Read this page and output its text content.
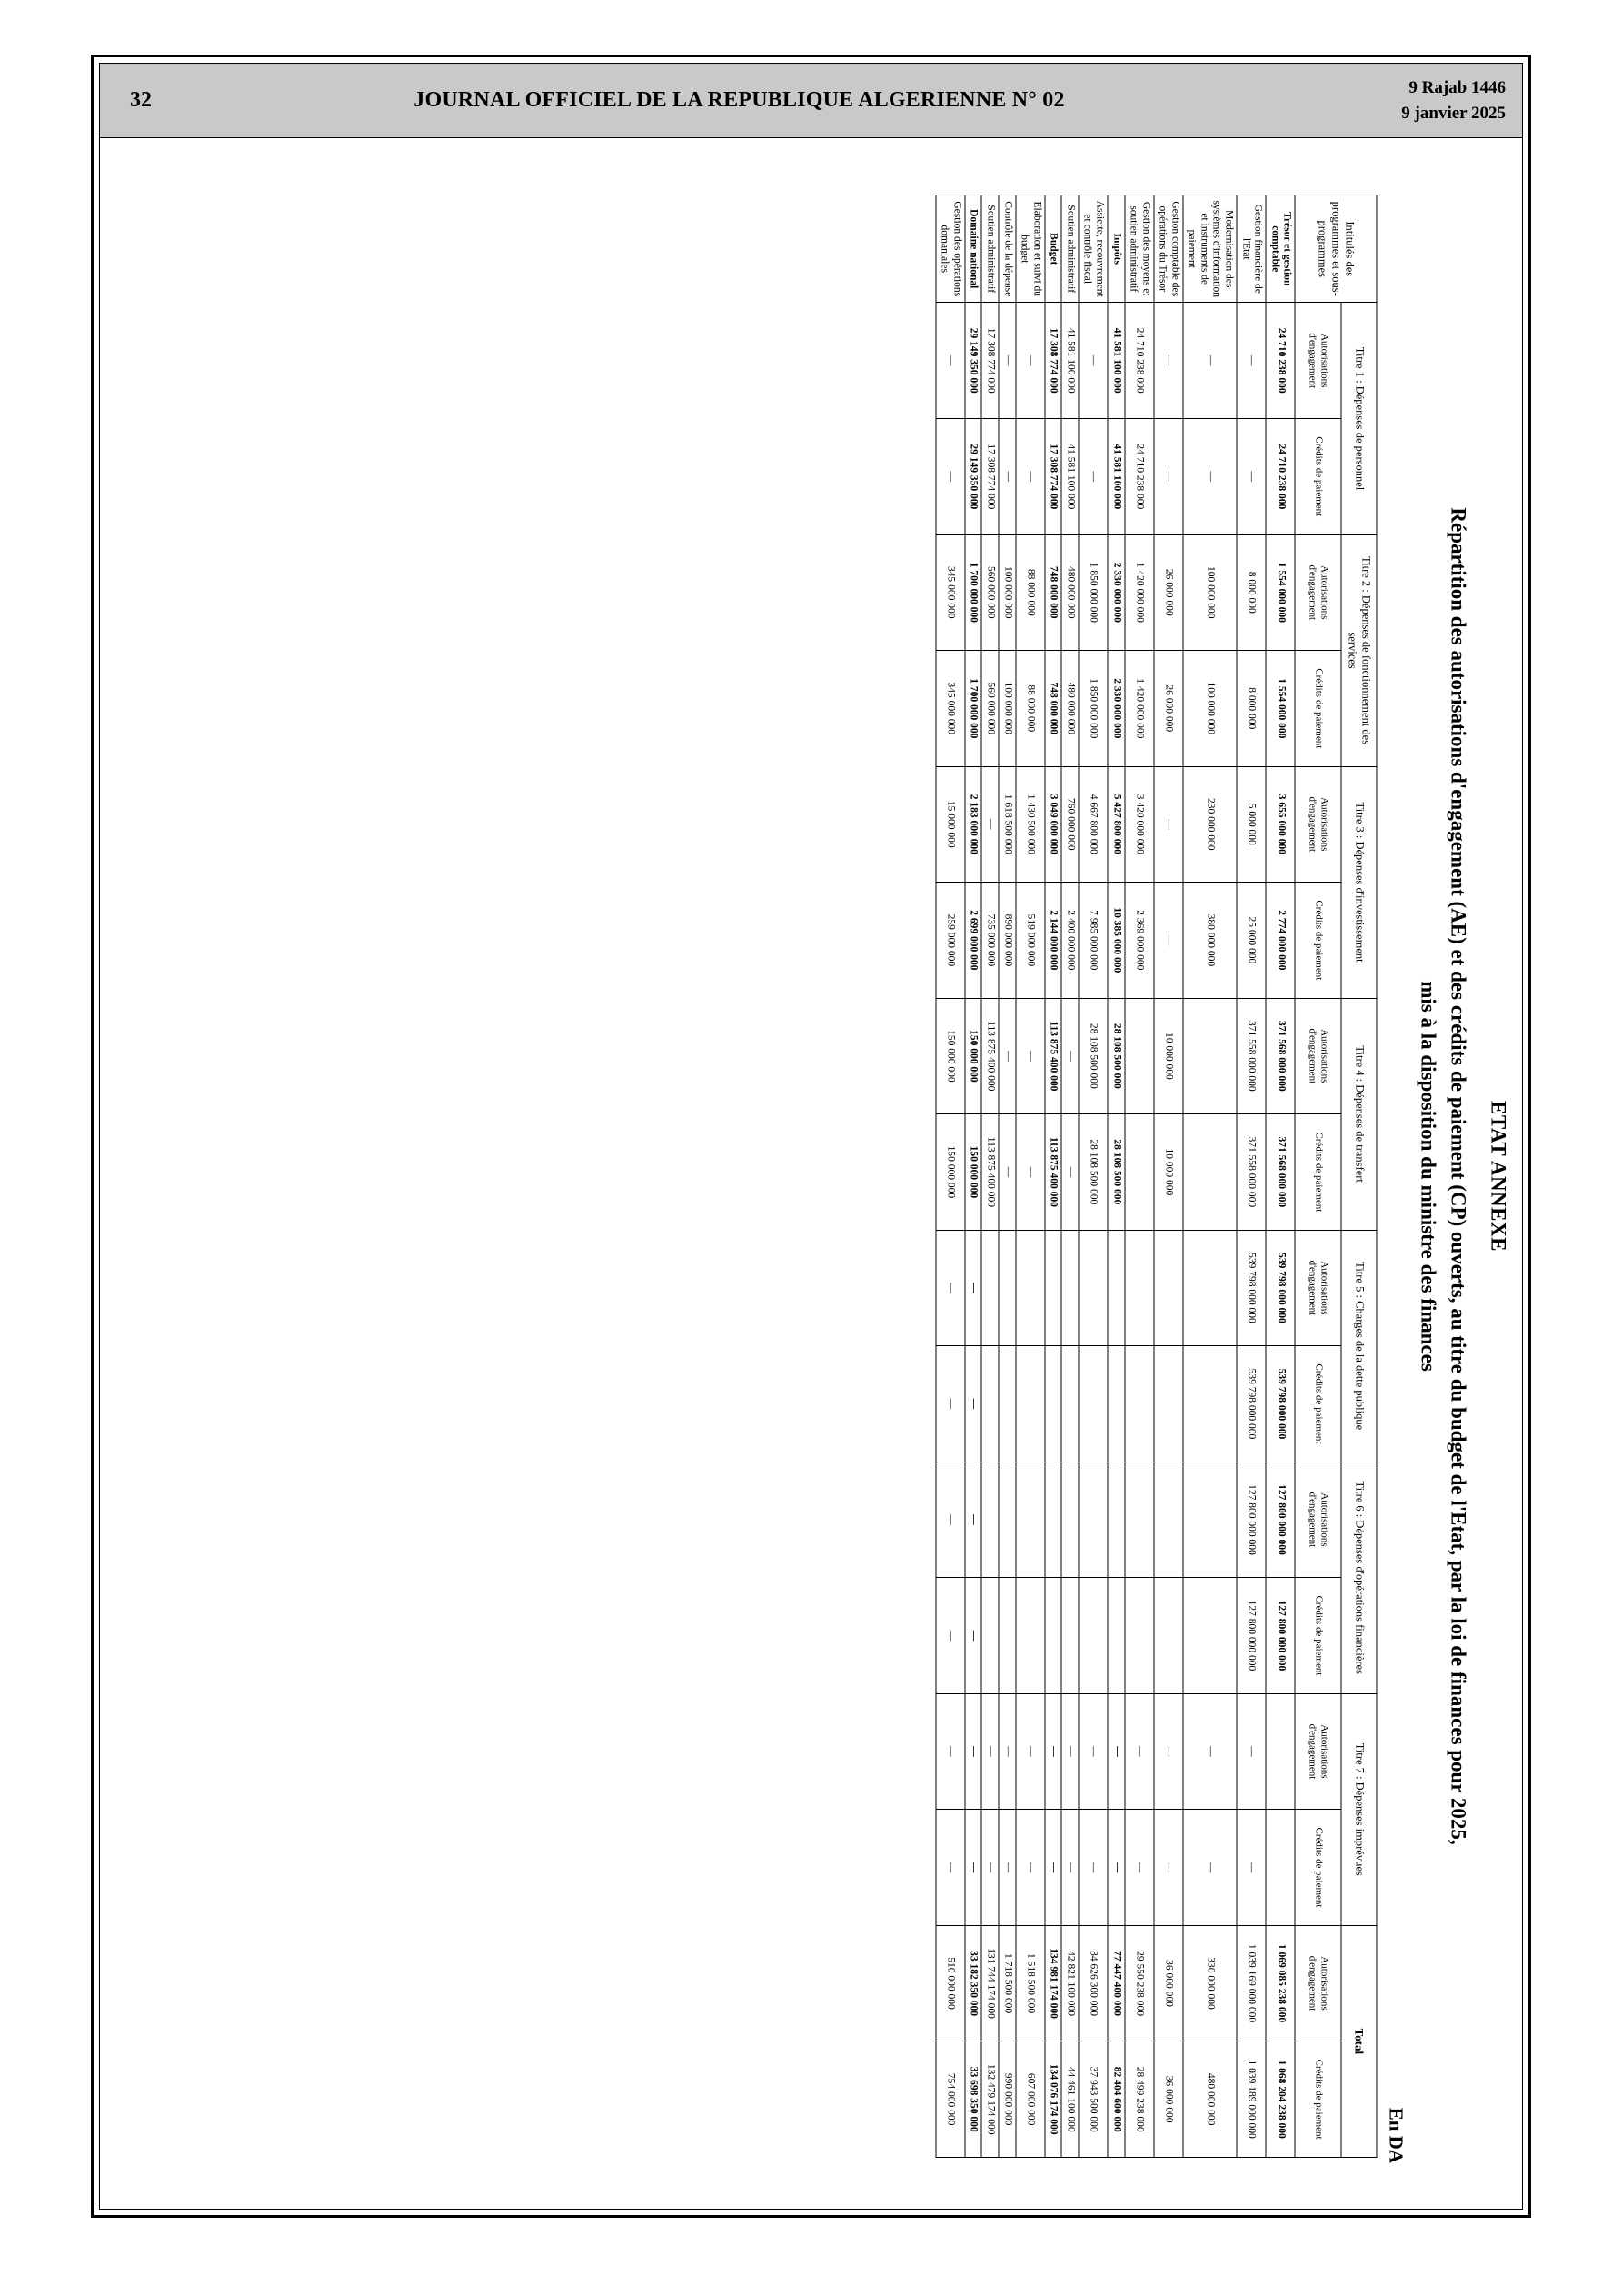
32	JOURNAL OFFICIEL DE LA REPUBLIQUE ALGERIENNE N° 02
9 Rajab 1446
9 janvier 2025
ETAT ANNEXE
Répartition des autorisations d'engagement (AE) et des crédits de paiement (CP) ouverts, au titre du budget de l'Etat, par la loi de finances pour 2025,
mis à la disposition du ministre des finances
En DA
Intitulés des programmes et sous-programmes	Titre 1 : Dépenses de personnel		Titre 2 : Dépenses de fonctionnement des services		Titre 3 : Dépenses d'investissement		Titre 4 : Dépenses de transfert		Titre 5 : Charges de la dette publique		Titre 6 : Dépenses d'opérations financières		Titre 7 : Dépenses imprévues		Total	
	Autorisations d'engagement	Crédits de paiement	Autorisations d'engagement	Crédits de paiement	Autorisations d'engagement	Crédits de paiement	Autorisations d'engagement	Crédits de paiement	Autorisations d'engagement	Crédits de paiement	Autorisations d'engagement	Crédits de paiement	Autorisations d'engagement	Crédits de paiement	Autorisations d'engagement	Crédits de paiement
Trésor et gestion comptable	24 710 238 000	24 710 238 000	1 554 000 000	1 554 000 000	3 655 000 000	2 774 000 000	371 568 000 000	371 568 000 000	539 798 000 000	539 798 000 000	127 800 000 000	127 800 000 000			1 069 085 238 000	1 068 204 238 000
Gestion financière de l'Etat	—	—	8 000 000	8 000 000	5 000 000	25 000 000	371 558 000 000	371 558 000 000	539 798 000 000	539 798 000 000	127 800 000 000	127 800 000 000	—	—	1 039 169 000 000	1 039 189 000 000
Modernisation des systèmes d'information et instruments de paiement	—	—	100 000 000	100 000 000	230 000 000	380 000 000							—	—	330 000 000	480 000 000
Gestion comptable des opérations du Trésor	—	—	26 000 000	26 000 000	—	—	10 000 000	10 000 000					—	—	36 000 000	36 000 000
Gestion des moyens et soutien administratif	24 710 238 000	24 710 238 000	1 420 000 000	1 420 000 000	3 420 000 000	2 369 000 000							—	—	29 550 238 000	28 499 238 000
Impôts	41 581 100 000	41 581 100 000	2 330 000 000	2 330 000 000	5 427 800 000	10 385 000 000	28 108 500 000	28 108 500 000					—	—	77 447 400 000	82 404 600 000
Assiette, recouvrement et contrôle fiscal	—	—	1 850 000 000	1 850 000 000	4 667 800 000	7 985 000 000	28 108 500 000	28 108 500 000					—	—	34 626 300 000	37 943 500 000
Soutien administratif	41 581 100 000	41 581 100 000	480 000 000	480 000 000	760 000 000	2 400 000 000	—	—					—	—	42 821 100 000	44 461 100 000
Budget	17 308 774 000	17 308 774 000	748 000 000	748 000 000	3 049 000 000	2 144 000 000	113 875 400 000	113 875 400 000					—	—	134 981 174 000	134 076 174 000
Elaboration et suivi du budget	—	—	88 000 000	88 000 000	1 430 500 000	519 000 000	—	—					—	—	1 518 500 000	607 000 000
Contrôle de la dépense	—	—	100 000 000	100 000 000	1 618 500 000	890 000 000	—	—					—	—	1 718 500 000	990 000 000
Soutien administratif	17 308 774 000	17 308 774 000	560 000 000	560 000 000	—	735 000 000	113 875 400 000	113 875 400 000					—	—	131 744 174 000	132 479 174 000
Domaine national	29 149 350 000	29 149 350 000	1 700 000 000	1 700 000 000	2 183 000 000	2 699 000 000	150 000 000	150 000 000	—	—	—	—	—	—	33 182 350 000	33 698 350 000
Gestion des opérations domaniales	—	—	345 000 000	345 000 000	15 000 000	259 000 000	150 000 000	150 000 000	—	—	—	—	—	—	510 000 000	754 000 000
